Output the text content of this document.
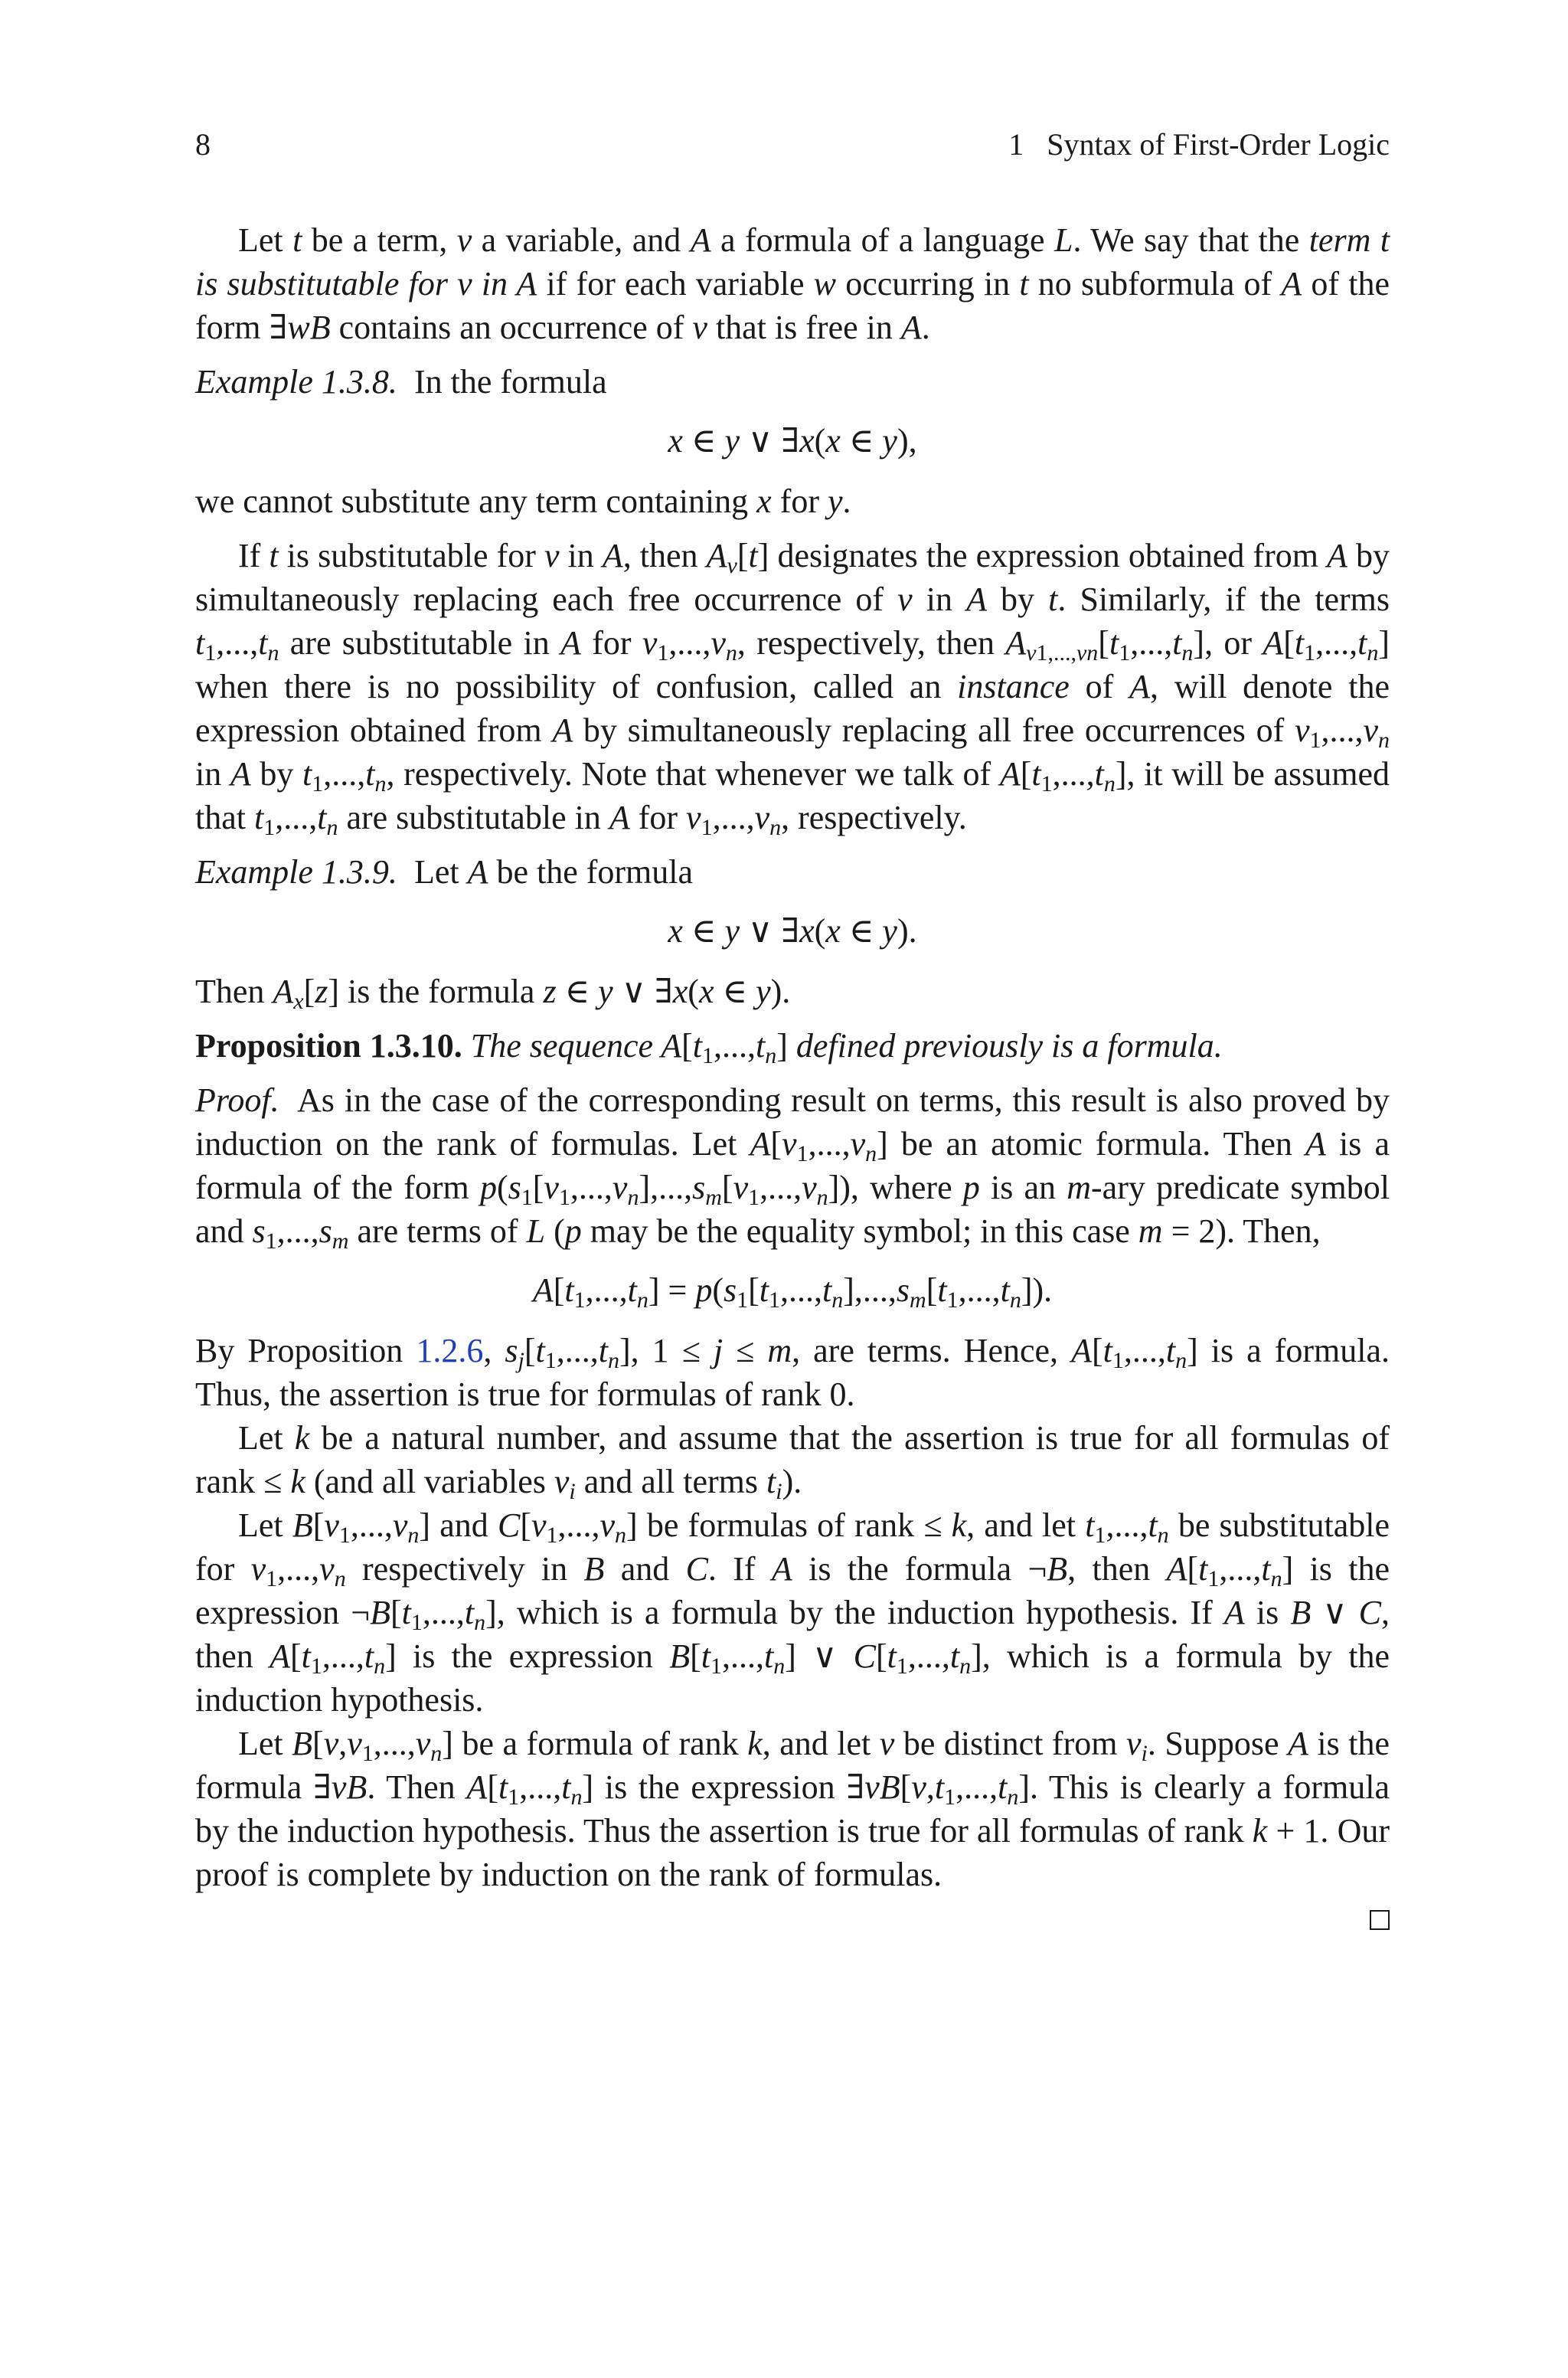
8	1 Syntax of First-Order Logic

Let t be a term, v a variable, and A a formula of a language L. We say that the term t is substitutable for v in A if for each variable w occurring in t no subformula of A of the form ∃wB contains an occurrence of v that is free in A.

Example 1.3.8. In the formula

x ∈ y ∨ ∃x(x ∈ y),

we cannot substitute any term containing x for y.

If t is substitutable for v in A, then $A_v[t]$ designates the expression obtained from A by simultaneously replacing each free occurrence of v in A by t. Similarly, if the terms $t_1,...,t_n$ are substitutable in A for $v_1,...,v_n$, respectively, then $A_{v1,...,vn}[t_1,...,t_n]$, or $A[t_1,...,t_n]$ when there is no possibility of confusion, called an instance of A, will denote the expression obtained from A by simultaneously replacing all free occurrences of $v_1,...,v_n$ in A by $t_1,...,t_n$, respectively. Note that whenever we talk of $A[t_1,...,t_n]$, it will be assumed that $t_1,...,t_n$ are substitutable in A for $v_1,...,v_n$, respectively.

Example 1.3.9.  Let A be the formula

x ∈ y ∨ ∃x(x ∈ y).

Then $A_x[z]$ is the formula z ∈ y ∨ ∃x(x ∈ y).

Proposition 1.3.10. The sequence $A[t_1,...,t_n]$ defined previously is a formula.

Proof.  As in the case of the corresponding result on terms, this result is also proved by induction on the rank of formulas. Let $A[v_1,...,v_n]$ be an atomic formula. Then A is a formula of the form $p(s_1[v_1,...,v_n],...,s_m[v_1,...,v_n])$, where p is an m-ary predicate symbol and $s_1,...,s_m$ are terms of L (p may be the equality symbol; in this case m = 2). Then,

$A[t_1,...,t_n] = p(s_1[t_1,...,t_n],...,s_m[t_1,...,t_n])$.

By Proposition 1.2.6, $s_j[t_1,...,t_n]$, 1 ≤ j ≤ m, are terms. Hence, $A[t_1,...,t_n]$ is a formula. Thus, the assertion is true for formulas of rank 0.

Let k be a natural number, and assume that the assertion is true for all formulas of rank ≤ k (and all variables $v_i$ and all terms $t_i$).

Let $B[v_1,...,v_n]$ and $C[v_1,...,v_n]$ be formulas of rank ≤ k, and let $t_1,...,t_n$ be substitutable for $v_1,...,v_n$ respectively in B and C. If A is the formula ¬B, then $A[t_1,...,t_n]$ is the expression $\neg B[t_1,...,t_n]$, which is a formula by the induction hypothesis. If A is B ∨ C, then $A[t_1,...,t_n]$ is the expression $B[t_1,...,t_n]$ ∨ $C[t_1,...,t_n]$, which is a formula by the induction hypothesis.

Let $B[v,v_1,...,v_n]$ be a formula of rank k, and let v be distinct from $v_i$. Suppose A is the formula ∃vB. Then $A[t_1,...,t_n]$ is the expression $\exists vB[v,t_1,...,t_n]$. This is clearly a formula by the induction hypothesis. Thus the assertion is true for all formulas of rank k + 1. Our proof is complete by induction on the rank of formulas.
